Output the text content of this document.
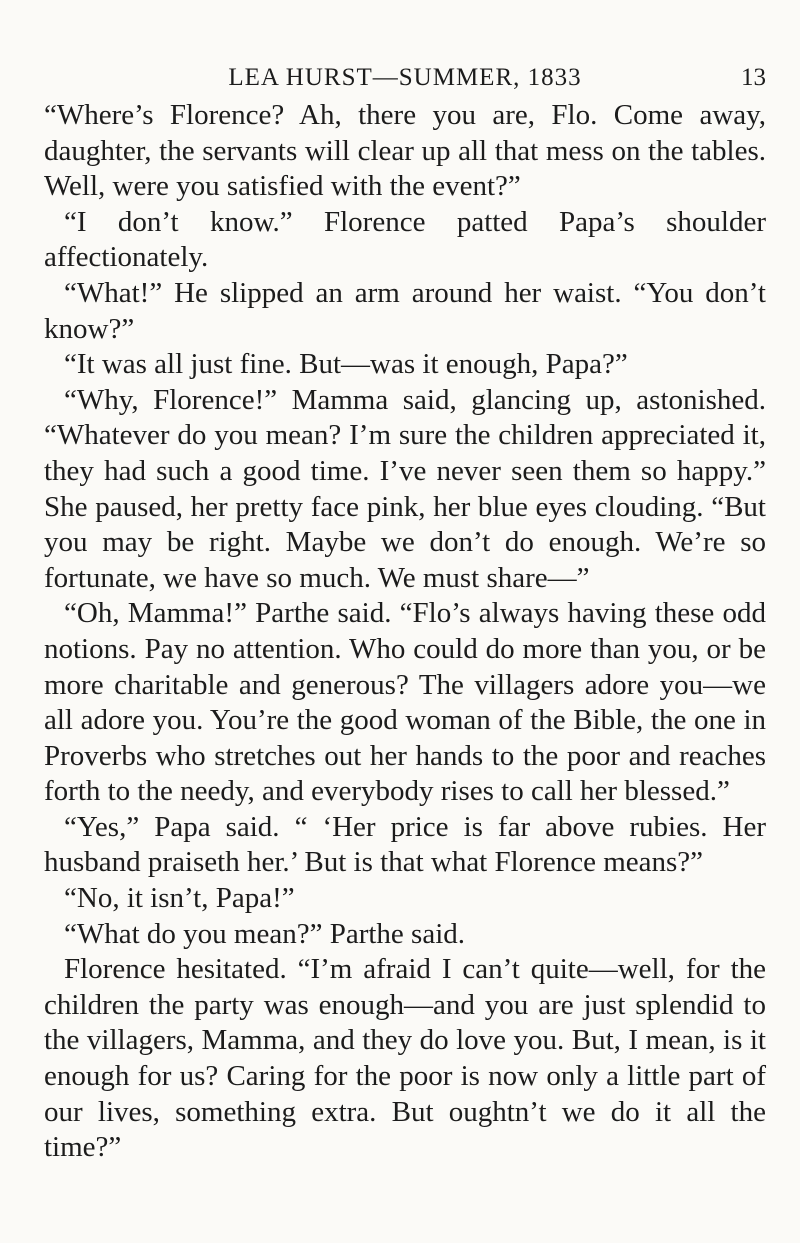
LEA HURST—SUMMER, 1833	13

“Where’s Florence? Ah, there you are, Flo. Come away, daughter, the servants will clear up all that mess on the tables. Well, were you satisfied with the event?”

“I don’t know.” Florence patted Papa’s shoulder affectionately.

“What!” He slipped an arm around her waist. “You don’t know?”

“It was all just fine. But—was it enough, Papa?”

“Why, Florence!” Mamma said, glancing up, astonished. “Whatever do you mean? I’m sure the children appreciated it, they had such a good time. I’ve never seen them so happy.” She paused, her pretty face pink, her blue eyes clouding. “But you may be right. Maybe we don’t do enough. We’re so fortunate, we have so much. We must share—”

“Oh, Mamma!” Parthe said. “Flo’s always having these odd notions. Pay no attention. Who could do more than you, or be more charitable and generous? The villagers adore you—we all adore you. You’re the good woman of the Bible, the one in Proverbs who stretches out her hands to the poor and reaches forth to the needy, and everybody rises to call her blessed.”

“Yes,” Papa said. “ ‘Her price is far above rubies. Her husband praiseth her.’ But is that what Florence means?”

“No, it isn’t, Papa!”

“What do you mean?” Parthe said.

Florence hesitated. “I’m afraid I can’t quite—well, for the children the party was enough—and you are just splendid to the villagers, Mamma, and they do love you. But, I mean, is it enough for us? Caring for the poor is now only a little part of our lives, something extra. But oughtn’t we do it all the time?”
